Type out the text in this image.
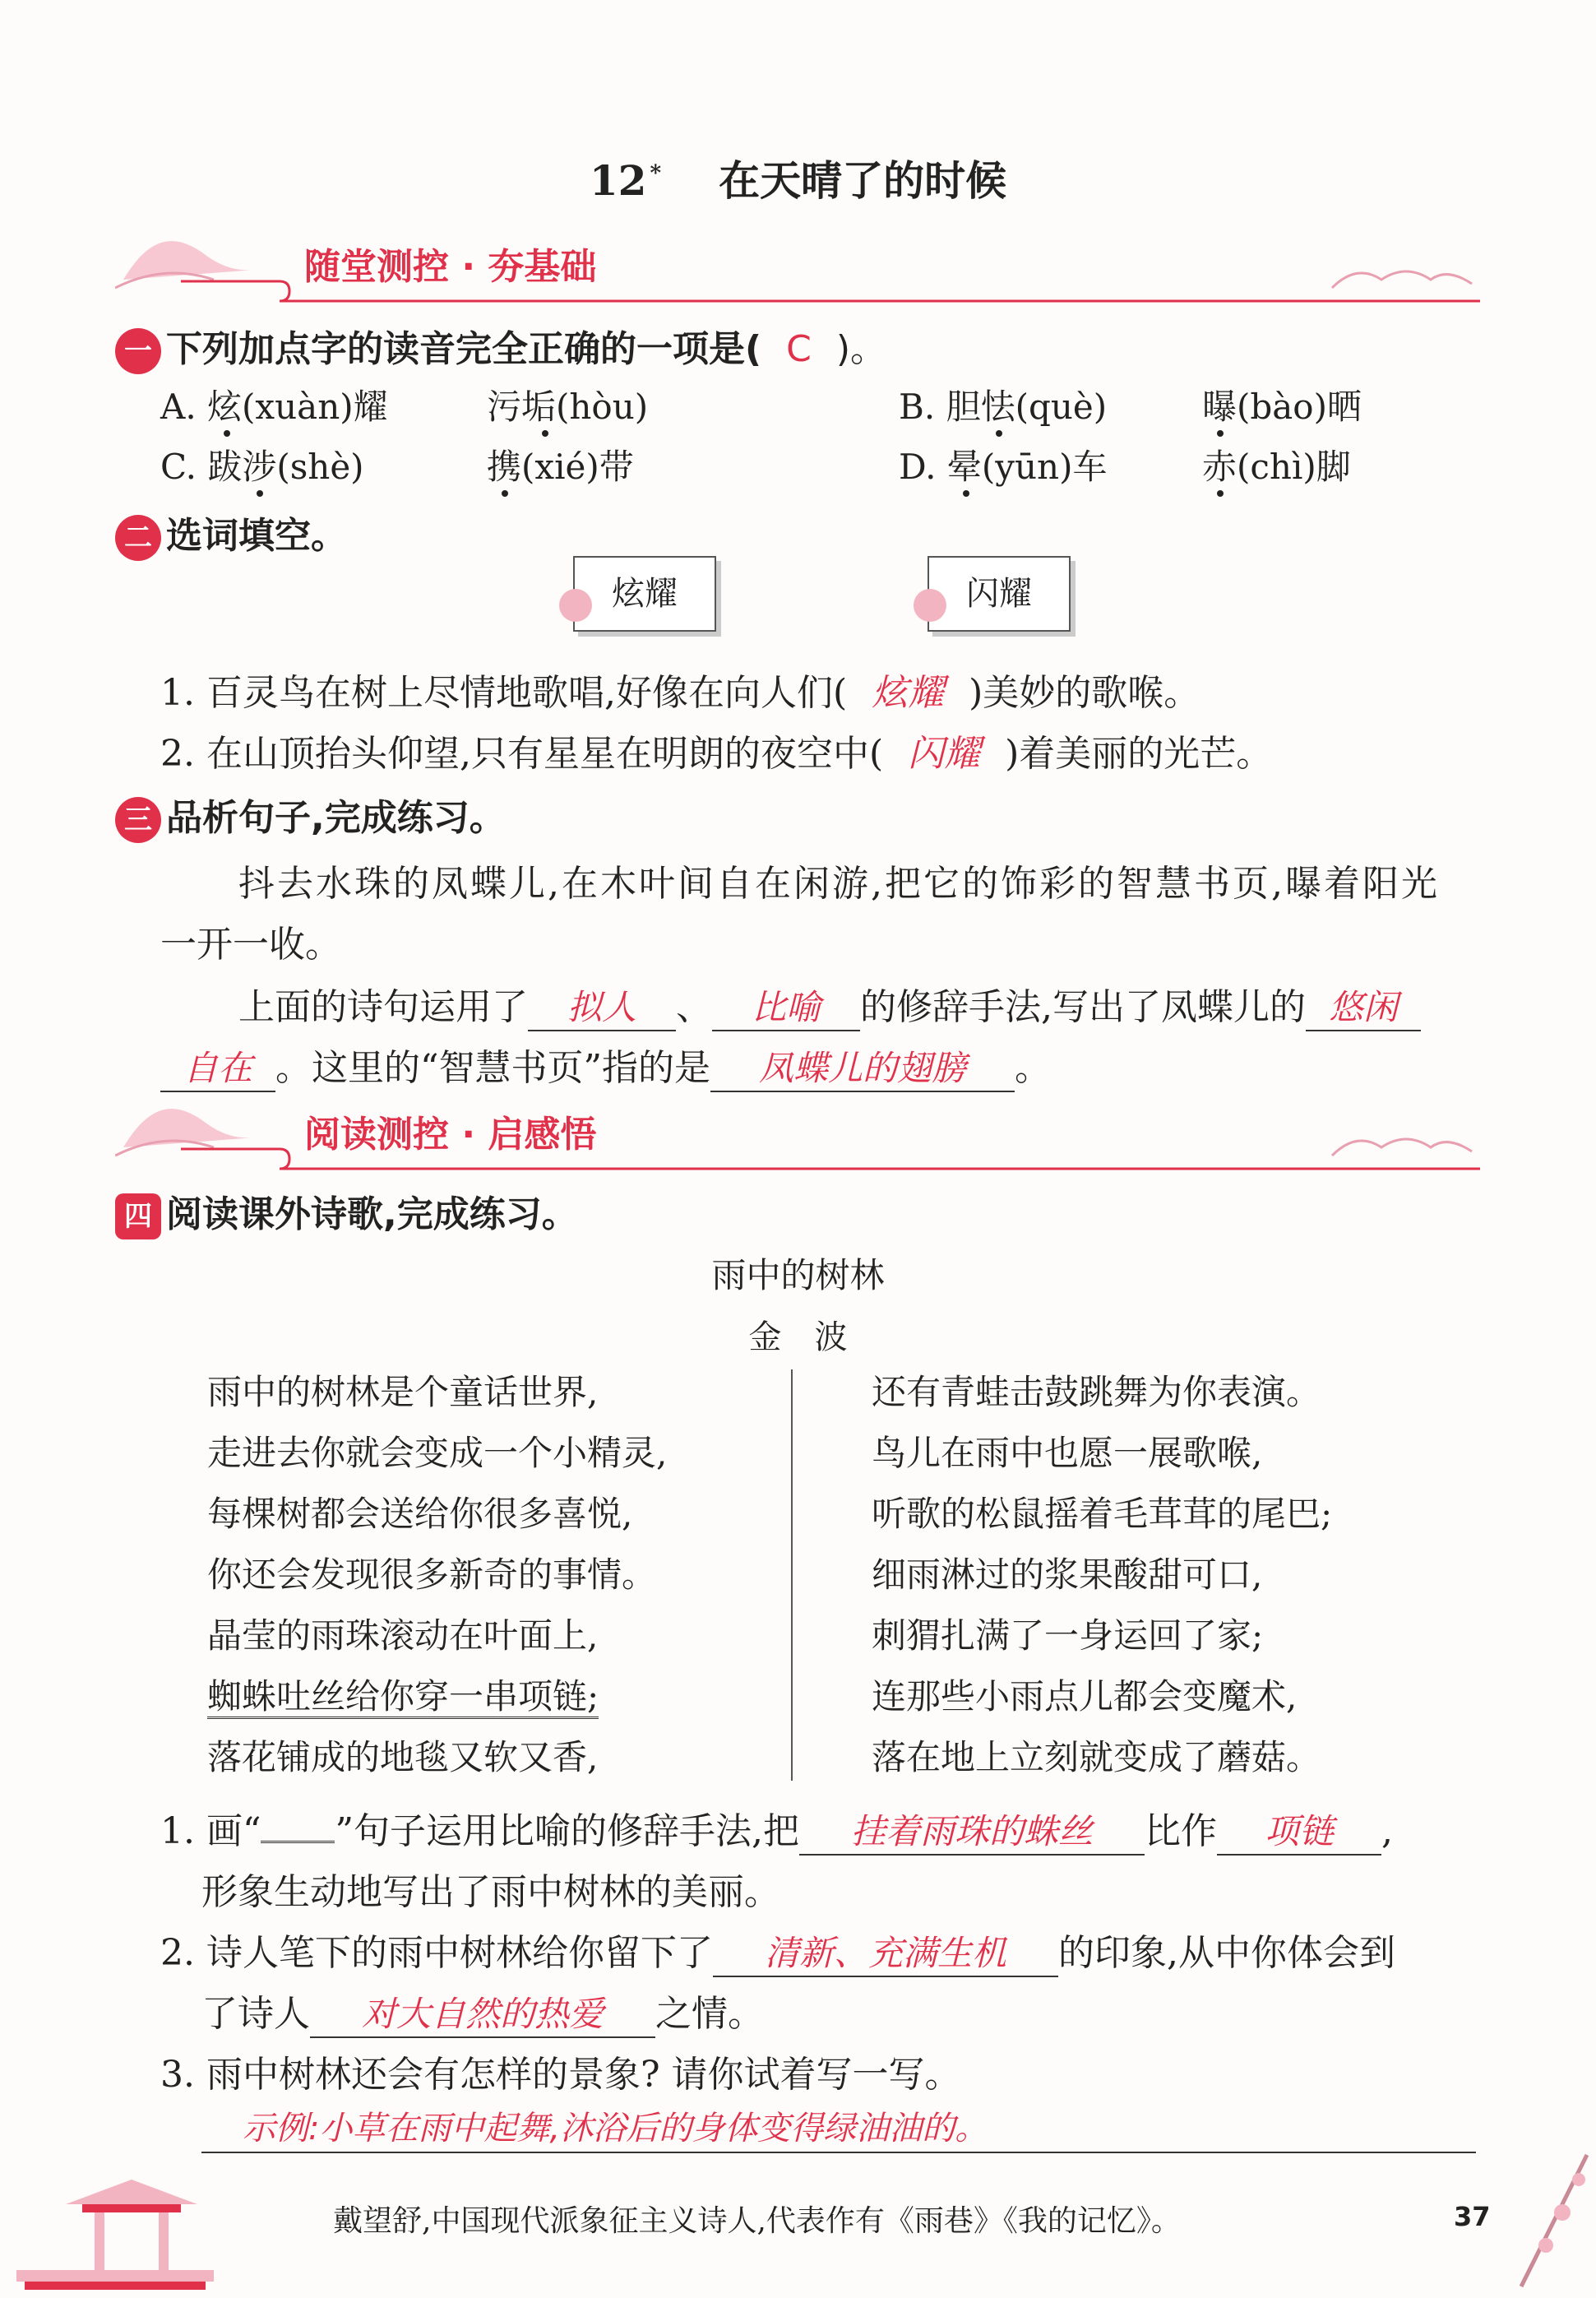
12 * 在天晴了的时候
随堂测控 · 夯基础
一 下列加点字的读音完全正确的一项是( C )。
A. 炫(xuàn)耀	污垢(hòu)	B. 胆怯(què)	曝(bào)晒
C. 跋涉(shè)	携(xié)带	D. 晕(yūn)车	赤(chì)脚
二 选词填空。
炫耀	闪耀
1. 百灵鸟在树上尽情地歌唱,好像在向人们( 炫耀 )美妙的歌喉。
2. 在山顶抬头仰望,只有星星在明朗的夜空中( 闪耀 )着美丽的光芒。
三 品析句子,完成练习。
抖去水珠的凤蝶儿,在木叶间自在闲游,把它的饰彩的智慧书页,曝着阳光
一开一收。
上面的诗句运用了 拟人 、 比喻 的修辞手法,写出了凤蝶儿的 悠闲
自在 。这里的“智慧书页”指的是 凤蝶儿的翅膀 。
阅读测控 · 启感悟
四 阅读课外诗歌,完成练习。
雨中的树林
金　波
雨中的树林是个童话世界,
走进去你就会变成一个小精灵,
每棵树都会送给你很多喜悦,
你还会发现很多新奇的事情。
晶莹的雨珠滚动在叶面上,
蜘蛛吐丝给你穿一串项链;
落花铺成的地毯又软又香,
还有青蛙击鼓跳舞为你表演。
鸟儿在雨中也愿一展歌喉,
听歌的松鼠摇着毛茸茸的尾巴;
细雨淋过的浆果酸甜可口,
刺猬扎满了一身运回了家;
连那些小雨点儿都会变魔术,
落在地上立刻就变成了蘑菇。
1. 画“ ”句子运用比喻的修辞手法,把 挂着雨珠的蛛丝 比作 项链 ,
形象生动地写出了雨中树林的美丽。
2. 诗人笔下的雨中树林给你留下了 清新、充满生机 的印象,从中你体会到
了诗人 对大自然的热爱 之情。
3. 雨中树林还会有怎样的景象? 请你试着写一写。
示例:小草在雨中起舞,沐浴后的身体变得绿油油的。
戴望舒,中国现代派象征主义诗人,代表作有《雨巷》《我的记忆》。	37
